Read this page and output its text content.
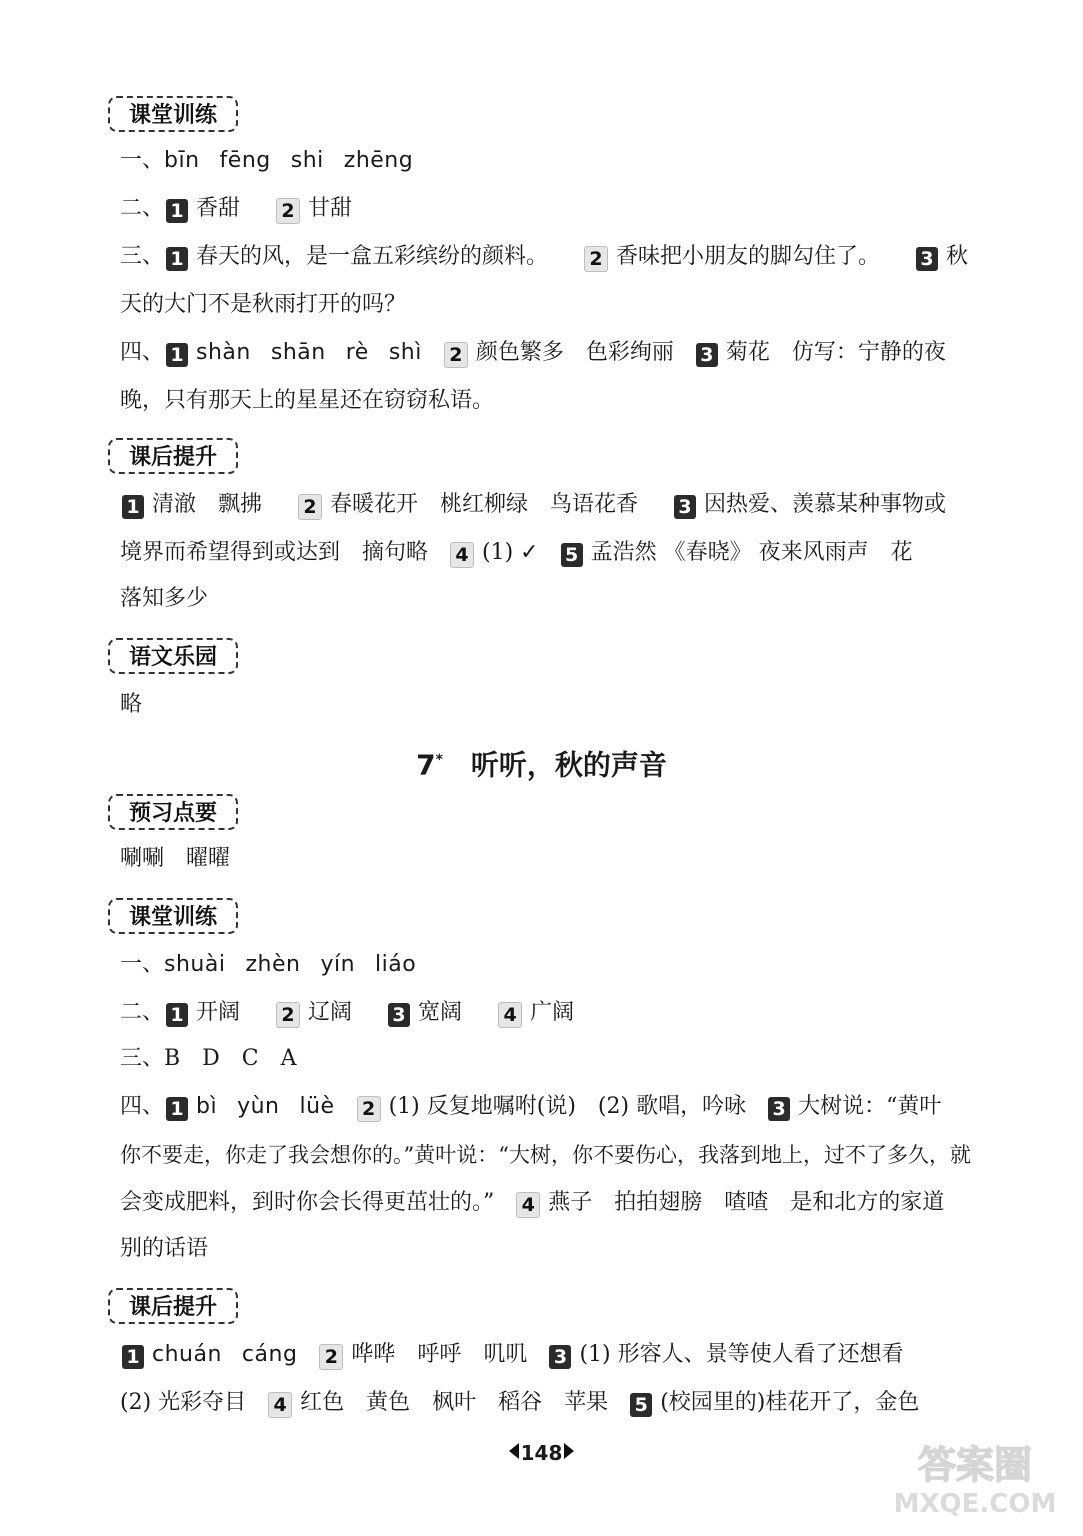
课堂训练
一、bīn fēng shi zhēng
二、 1 香甜 2 甘甜
三、 1 春天的风，是一盒五彩缤纷的颜料。 2 香味把小朋友的脚勾住了。 3 秋
天的大门不是秋雨打开的吗？
四、 1 shàn shān rè shì 2 颜色繁多　色彩绚丽 3 菊花　仿写：宁静的夜
晚，只有那天上的星星还在窃窃私语。
课后提升
1 清澈　飘拂 2 春暖花开　桃红柳绿　鸟语花香 3 因热爱、羡慕某种事物或
境界而希望得到或达到　摘句略 4 (1) ✓ 5 孟浩然 《春晓》 夜来风雨声　花
落知多少
语文乐园
略
7* 听听，秋的声音
预习点要
唰唰　曜曜
课堂训练
一、shuài zhèn yín liáo
二、 1 开阔 2 辽阔 3 宽阔 4 广阔
三、B　D　C　A
四、 1 bì yùn lüè 2 (1) 反复地嘱咐(说)　(2) 歌唱，吟咏 3 大树说：“黄叶
你不要走，你走了我会想你的。”黄叶说：“大树，你不要伤心，我落到地上，过不了多久，就
会变成肥料，到时你会长得更茁壮的。” 4 燕子　拍拍翅膀　喳喳　是和北方的家道
别的话语
课后提升
1 chuán cáng 2 哗哗　呼呼　叽叽 3 (1) 形容人、景等使人看了还想看
(2) 光彩夺目 4 红色　黄色　枫叶　稻谷　苹果 5 (校园里的)桂花开了，金色
148	答案圈
MXQE.COM
